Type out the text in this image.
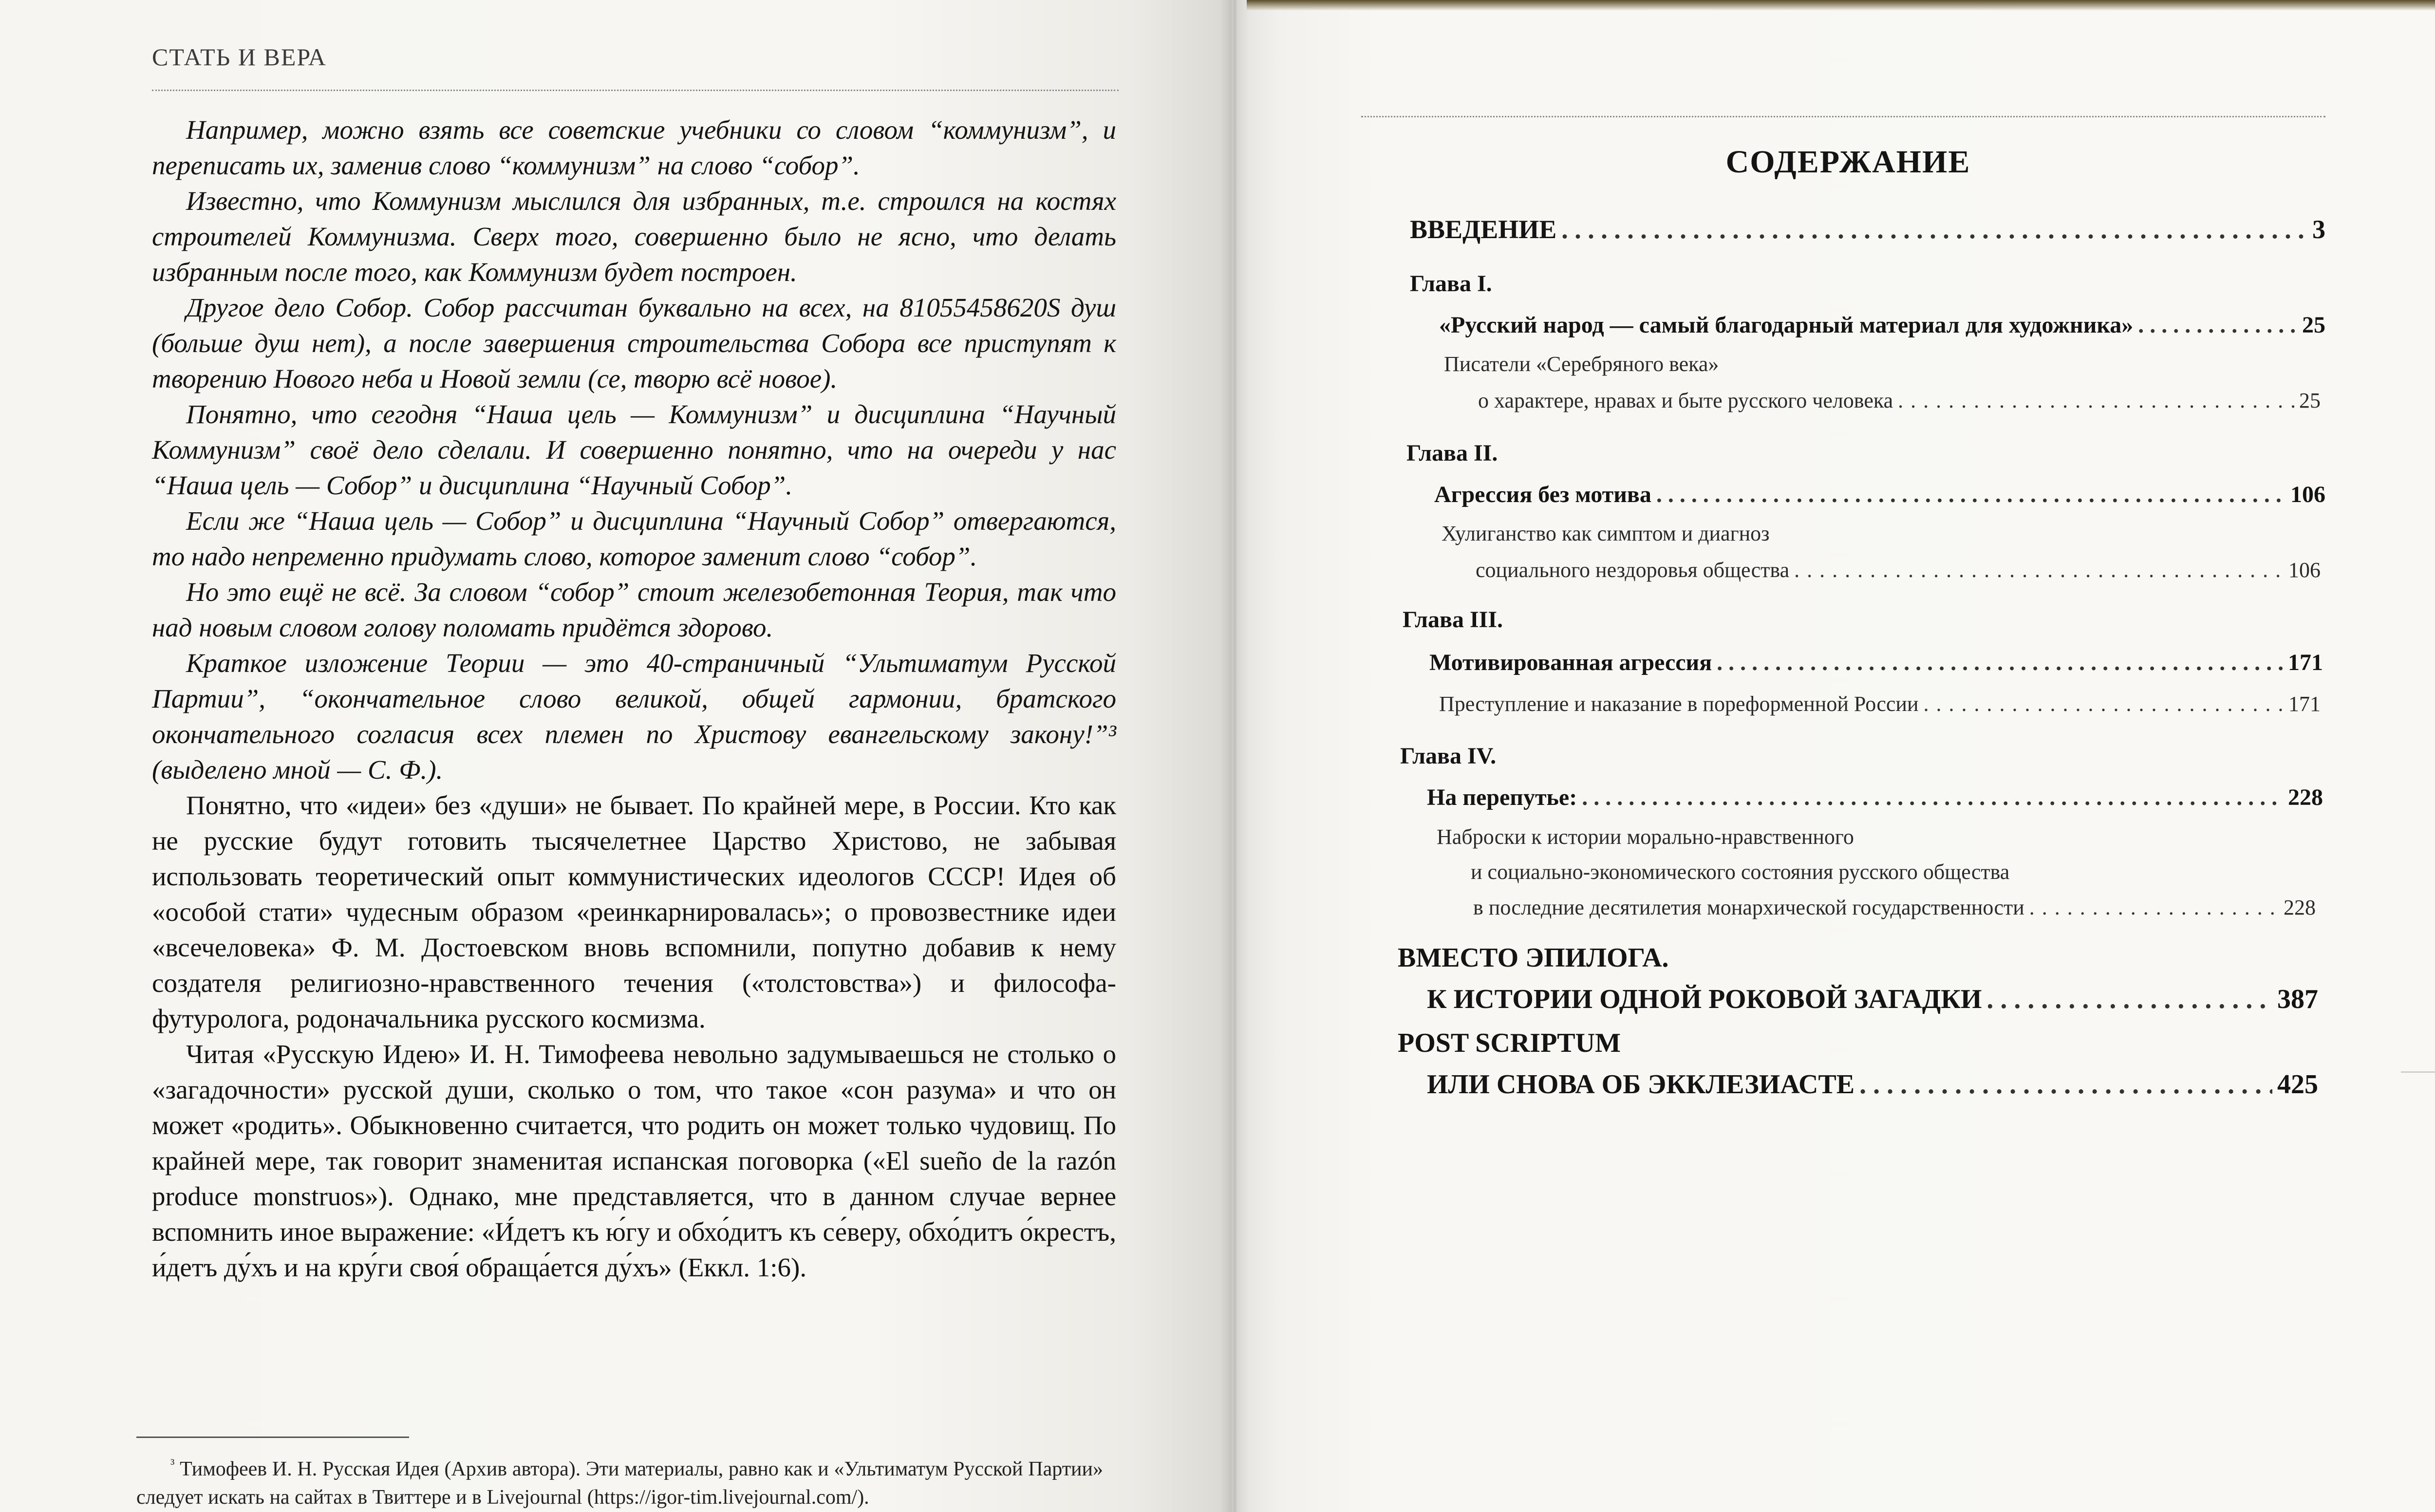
СТАТЬ И ВЕРА

Например, можно взять все советские учебники со словом “коммунизм”, и переписать их, заменив слово “коммунизм” на слово “собор”.

Известно, что Коммунизм мыслился для избранных, т.е. строился на костях строителей Коммунизма. Сверх того, совершенно было не ясно, что делать избранным после того, как Коммунизм будет построен.

Другое дело Собор. Собор рассчитан буквально на всех, на 81055458620S душ (больше душ нет), а после завершения строительства Собора все приступят к творению Нового неба и Новой земли (се, творю всё новое).

Понятно, что сегодня “Наша цель — Коммунизм” и дисциплина “Научный Коммунизм” своё дело сделали. И совершенно понятно, что на очереди у нас “Наша цель — Собор” и дисциплина “Научный Собор”.

Если же “Наша цель — Собор” и дисциплина “Научный Собор” отвергаются, то надо непременно придумать слово, которое заменит слово “собор”.

Но это ещё не всё. За словом “собор” стоит железобетонная Теория, так что над новым словом голову поломать придётся здорово.

Краткое изложение Теории — это 40-страничный “Ультиматум Русской Партии”, “окончательное слово великой, общей гармонии, братского окончательного согласия всех племен по Христову евангельскому закону!”³ (выделено мной — С. Ф.).

Понятно, что «идеи» без «души» не бывает. По крайней мере, в России. Кто как не русские будут готовить тысячелетнее Царство Христово, не забывая использовать теоретический опыт коммунистических идеологов СССР! Идея об «особой стати» чудесным образом «реинкарнировалась»; о провозвестнике идеи «всечеловека» Ф. М. Достоевском вновь вспомнили, попутно добавив к нему создателя религиозно-нравственного течения («толстовства») и философа-футуролога, родоначальника русского космизма.

Читая «Русскую Идею» И. Н. Тимофеева невольно задумываешься не столько о «загадочности» русской души, сколько о том, что такое «сон разума» и что он может «родить». Обыкновенно считается, что родить он может только чудовищ. По крайней мере, так говорит знаменитая испанская поговорка («El sueño de la razón produce monstruos»). Однако, мне представляется, что в данном случае вернее вспомнить иное выражение: «И́детъ къ ю́гу и обхо́дитъ къ се́веру, обхо́дитъ о́крестъ, и́детъ ду́хъ и на кру́ги своя́ обраща́ется ду́хъ» (Еккл. 1:6).

$^{^3}$ Тимофеев И. Н. Русская Идея (Архив автора). Эти материалы, равно как и «Ультиматум Русской Партии» следует искать на сайтах в Твиттере и в Livejournal (https://igor-tim.livejournal.com/).
СОДЕРЖАНИЕ
ВВЕДЕНИЕ . . .	3
Глава I.
«Русский народ — самый благодарный материал для художника» . . .	25
Писатели «Серебряного века»
о характере, нравах и быте русского человека . . .	25
Глава II.
Агрессия без мотива . . .	106
Хулиганство как симптом и диагноз
социального нездоровья общества . . .	106
Глава III.
Мотивированная агрессия . . .	171
Преступление и наказание в пореформенной России . . .	171
Глава IV.
На перепутье: . . .	228
Наброски к истории морально-нравственного
и социально-экономического состояния русского общества
в последние десятилетия монархической государственности . . .	228
ВМЕСТО ЭПИЛОГА.
К ИСТОРИИ ОДНОЙ РОКОВОЙ ЗАГАДКИ . . .	387
POST SCRIPTUM
ИЛИ СНОВА ОБ ЭККЛЕЗИАСТЕ . . .	425
